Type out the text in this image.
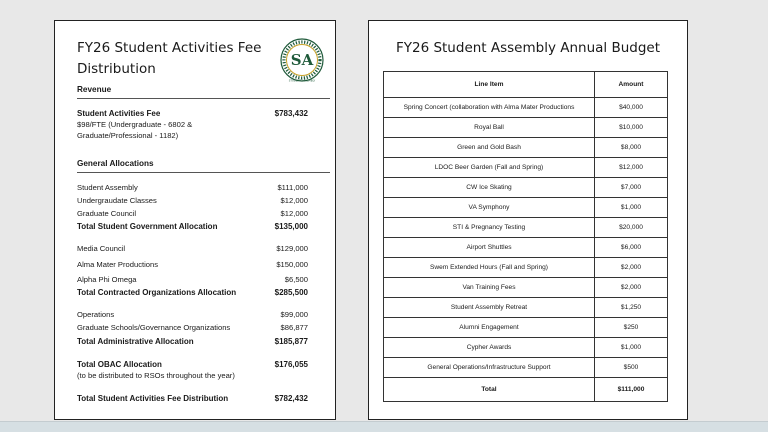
FY26 Student Activities Fee Distribution	SA
STUDENT ASSEMBLY
Revenue
Student Activities Fee	$783,432
$98/FTE (Undergraduate - 6802 & Graduate/Professional - 1182)
General Allocations
Student Assembly	$111,000
Undergraudate Classes	$12,000
Graduate Council	$12,000
Total Student Government Allocation	$135,000
Media Council	$129,000
Alma Mater Productions	$150,000
Alpha Phi Omega	$6,500
Total Contracted Organizations Allocation	$285,500
Operations	$99,000
Graduate Schools/Governance Organizations	$86,877
Total Administrative Allocation	$185,877
Total OBAC Allocation	$176,055
(to be distributed to RSOs throughout the year)
Total Student Activities Fee Distribution	$782,432
FY26 Student Assembly Annual Budget
Line Item	Amount
Spring Concert (collaboration with Alma Mater Productions	$40,000
Royal Ball	$10,000
Green and Gold Bash	$8,000
LDOC Beer Garden (Fall and Spring)	$12,000
CW Ice Skating	$7,000
VA Symphony	$1,000
STI & Pregnancy Testing	$20,000
Airport Shuttles	$6,000
Swem Extended Hours (Fall and Spring)	$2,000
Van Training Fees	$2,000
Student Assembly Retreat	$1,250
Alumni Engagement	$250
Cypher Awards	$1,000
General Operations/Infrastructure Support	$500
Total	$111,000
